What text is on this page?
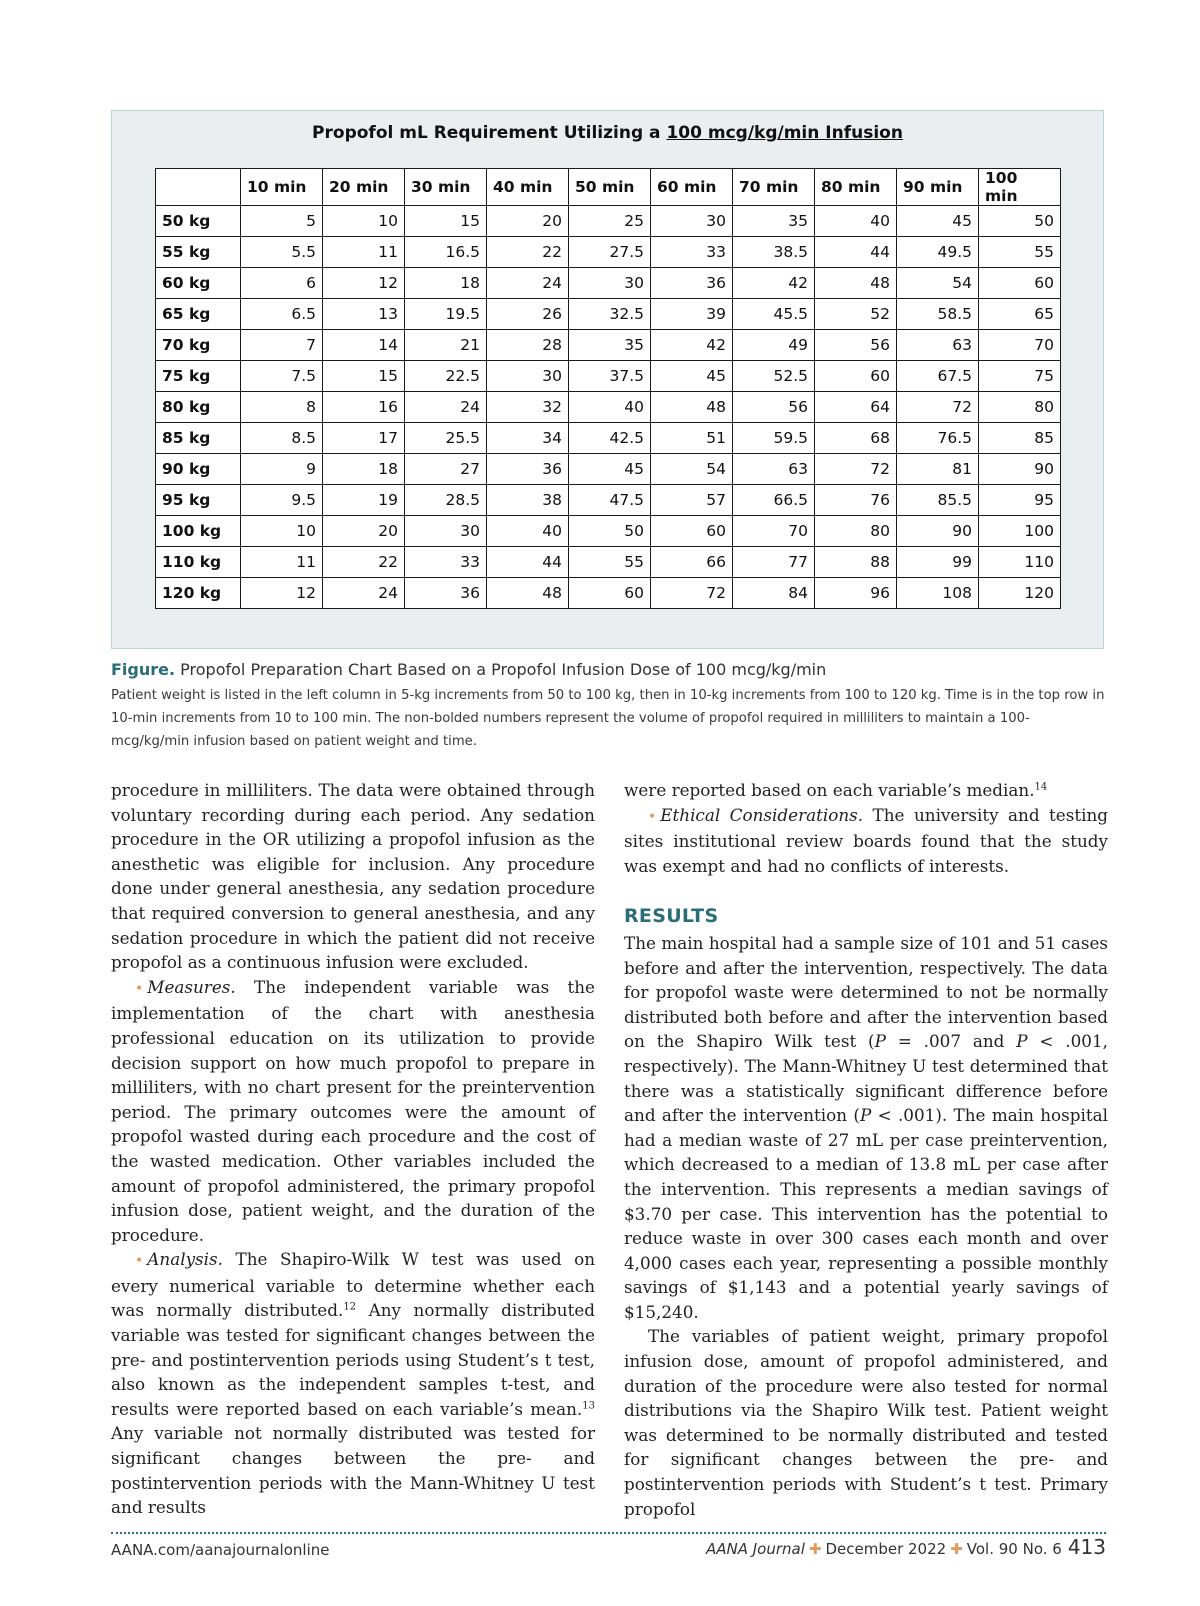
Propofol mL Requirement Utilizing a 100 mcg/kg/min Infusion
	10 min	20 min	30 min	40 min	50 min	60 min	70 min	80 min	90 min	100 min
50 kg	5	10	15	20	25	30	35	40	45	50
55 kg	5.5	11	16.5	22	27.5	33	38.5	44	49.5	55
60 kg	6	12	18	24	30	36	42	48	54	60
65 kg	6.5	13	19.5	26	32.5	39	45.5	52	58.5	65
70 kg	7	14	21	28	35	42	49	56	63	70
75 kg	7.5	15	22.5	30	37.5	45	52.5	60	67.5	75
80 kg	8	16	24	32	40	48	56	64	72	80
85 kg	8.5	17	25.5	34	42.5	51	59.5	68	76.5	85
90 kg	9	18	27	36	45	54	63	72	81	90
95 kg	9.5	19	28.5	38	47.5	57	66.5	76	85.5	95
100 kg	10	20	30	40	50	60	70	80	90	100
110 kg	11	22	33	44	55	66	77	88	99	110
120 kg	12	24	36	48	60	72	84	96	108	120
Figure. Propofol Preparation Chart Based on a Propofol Infusion Dose of 100 mcg/kg/min
Patient weight is listed in the left column in 5-kg increments from 50 to 100 kg, then in 10-kg increments from 100 to 120 kg. Time is in the top row in 10-min increments from 10 to 100 min. The non-bolded numbers represent the volume of propofol required in milliliters to maintain a 100-mcg/kg/min infusion based on patient weight and time.

procedure in milliliters. The data were obtained through voluntary recording during each period. Any sedation procedure in the OR utilizing a propofol infusion as the anesthetic was eligible for inclusion. Any procedure done under general anesthesia, any sedation procedure that required conversion to general anesthesia, and any sedation procedure in which the patient did not receive propofol as a continuous infusion were excluded.

• Measures. The independent variable was the implementation of the chart with anesthesia professional education on its utilization to provide decision support on how much propofol to prepare in milliliters, with no chart present for the preintervention period. The primary outcomes were the amount of propofol wasted during each procedure and the cost of the wasted medication. Other variables included the amount of propofol administered, the primary propofol infusion dose, patient weight, and the duration of the procedure.

• Analysis. The Shapiro-Wilk W test was used on every numerical variable to determine whether each was normally distributed.$^{12}$ Any normally distributed variable was tested for significant changes between the pre- and postintervention periods using Student’s t test, also known as the independent samples t-test, and results were reported based on each variable’s mean.$^{13}$ Any variable not normally distributed was tested for significant changes between the pre- and postintervention periods with the Mann-Whitney U test and results

were reported based on each variable’s median.$^{14}$

• Ethical Considerations. The university and testing sites institutional review boards found that the study was exempt and had no conflicts of interests.

RESULTS

The main hospital had a sample size of 101 and 51 cases before and after the intervention, respectively. The data for propofol waste were determined to not be normally distributed both before and after the intervention based on the Shapiro Wilk test (P = .007 and P < .001, respectively). The Mann-Whitney U test determined that there was a statistically significant difference before and after the intervention (P < .001). The main hospital had a median waste of 27 mL per case preintervention, which decreased to a median of 13.8 mL per case after the intervention. This represents a median savings of $3.70 per case. This intervention has the potential to reduce waste in over 300 cases each month and over 4,000 cases each year, representing a possible monthly savings of $1,143 and a potential yearly savings of $15,240.

The variables of patient weight, primary propofol infusion dose, amount of propofol administered, and duration of the procedure were also tested for normal distributions via the Shapiro Wilk test. Patient weight was determined to be normally distributed and tested for significant changes between the pre- and postintervention periods with Student’s t test. Primary propofol

AANA.com/aanajournalonline	AANA Journal ✚ December 2022 ✚ Vol. 90 No. 6 413
